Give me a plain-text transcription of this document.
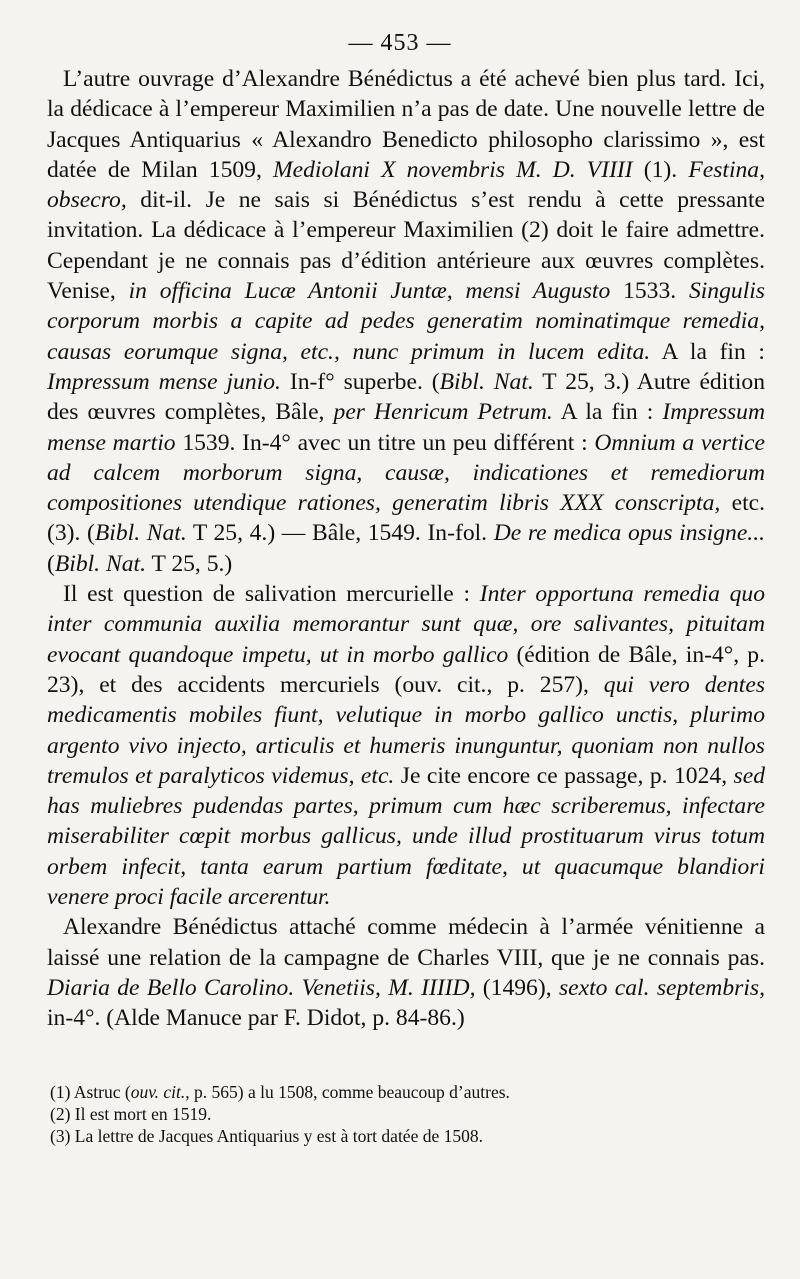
— 453 —

L’autre ouvrage d’Alexandre Bénédictus a été achevé bien plus tard. Ici, la dédicace à l’empereur Maximilien n’a pas de date. Une nouvelle lettre de Jacques Antiquarius « Alexandro Benedicto philosopho clarissimo », est datée de Milan 1509, Mediolani X novembris M. D. VIIII (1). Festina, obsecro, dit-il. Je ne sais si Bénédictus s’est rendu à cette pressante invitation. La dédicace à l’empereur Maximilien (2) doit le faire admettre. Cependant je ne connais pas d’édition antérieure aux œuvres complètes. Venise, in officina Lucæ Antonii Juntæ, mensi Augusto 1533. Singulis corporum morbis a capite ad pedes generatim nominatimque remedia, causas eorumque signa, etc., nunc primum in lucem edita. A la fin : Impressum mense junio. In-f° superbe. (Bibl. Nat. T 25, 3.) Autre édition des œuvres complètes, Bâle, per Henricum Petrum. A la fin : Impressum mense martio 1539. In-4° avec un titre un peu différent : Omnium a vertice ad calcem morborum signa, causæ, indicationes et remediorum compositiones utendique rationes, generatim libris XXX conscripta, etc. (3). (Bibl. Nat. T 25, 4.) — Bâle, 1549. In-fol. De re medica opus insigne... (Bibl. Nat. T 25, 5.)

Il est question de salivation mercurielle : Inter opportuna remedia quo inter communia auxilia memorantur sunt quæ, ore salivantes, pituitam evocant quandoque impetu, ut in morbo gallico (édition de Bâle, in-4°, p. 23), et des accidents mercuriels (ouv. cit., p. 257), qui vero dentes medicamentis mobiles fiunt, velutique in morbo gallico unctis, plurimo argento vivo injecto, articulis et humeris inunguntur, quoniam non nullos tremulos et paralyticos videmus, etc. Je cite encore ce passage, p. 1024, sed has muliebres pudendas partes, primum cum hæc scriberemus, infectare miserabiliter cœpit morbus gallicus, unde illud prostituarum virus totum orbem infecit, tanta earum partium fœditate, ut quacumque blandiori venere proci facile arcerentur.

Alexandre Bénédictus attaché comme médecin à l’armée vénitienne a laissé une relation de la campagne de Charles VIII, que je ne connais pas. Diaria de Bello Carolino. Venetiis, M. IIIID, (1496), sexto cal. septembris, in-4°. (Alde Manuce par F. Didot, p. 84-86.)

(1) Astruc (ouv. cit., p. 565) a lu 1508, comme beaucoup d’autres.

(2) Il est mort en 1519.

(3) La lettre de Jacques Antiquarius y est à tort datée de 1508.
